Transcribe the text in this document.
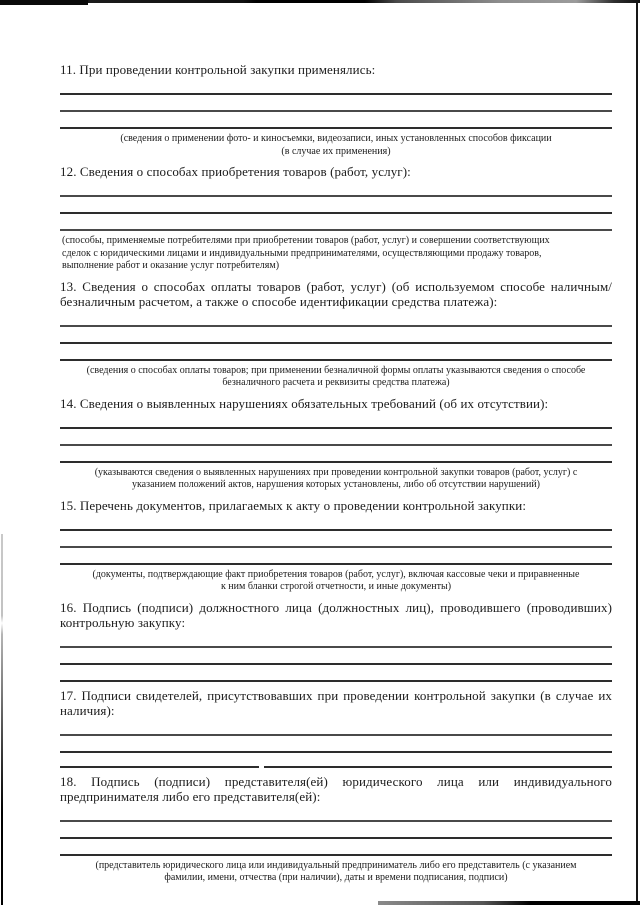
11. При проведении контрольной закупки применялись:

(сведения о применении фото- и киносъемки, видеозаписи, иных установленных способов фиксации
(в случае их применения)

12. Сведения о способах приобретения товаров (работ, услуг):

(способы, применяемые потребителями при приобретении товаров (работ, услуг) и совершении соответствующих
сделок с юридическими лицами и индивидуальными предпринимателями, осуществляющими продажу товаров,
выполнение работ и оказание услуг потребителям)

13. Сведения о способах оплаты товаров (работ, услуг) (об используемом способе наличным/безналичным расчетом, а также о способе идентификации средства платежа):

(сведения о способах оплаты товаров; при применении безналичной формы оплаты указываются сведения о способе
безналичного расчета и реквизиты средства платежа)

14. Сведения о выявленных нарушениях обязательных требований (об их отсутствии):

(указываются сведения о выявленных нарушениях при проведении контрольной закупки товаров (работ, услуг) с
указанием положений актов, нарушения которых установлены, либо об отсутствии нарушений)

15. Перечень документов, прилагаемых к акту о проведении контрольной закупки:

(документы, подтверждающие факт приобретения товаров (работ, услуг), включая кассовые чеки и приравненные
к ним бланки строгой отчетности, и иные документы)

16. Подпись (подписи) должностного лица (должностных лиц), проводившего (проводивших) контрольную закупку:

17. Подписи свидетелей, присутствовавших при проведении контрольной закупки (в случае их наличия):

18. Подпись (подписи) представителя(ей) юридического лица или индивидуального предпринимателя либо его представителя(ей):

(представитель юридического лица или индивидуальный предприниматель либо его представитель (с указанием
фамилии, имени, отчества (при наличии), даты и времени подписания, подписи)
